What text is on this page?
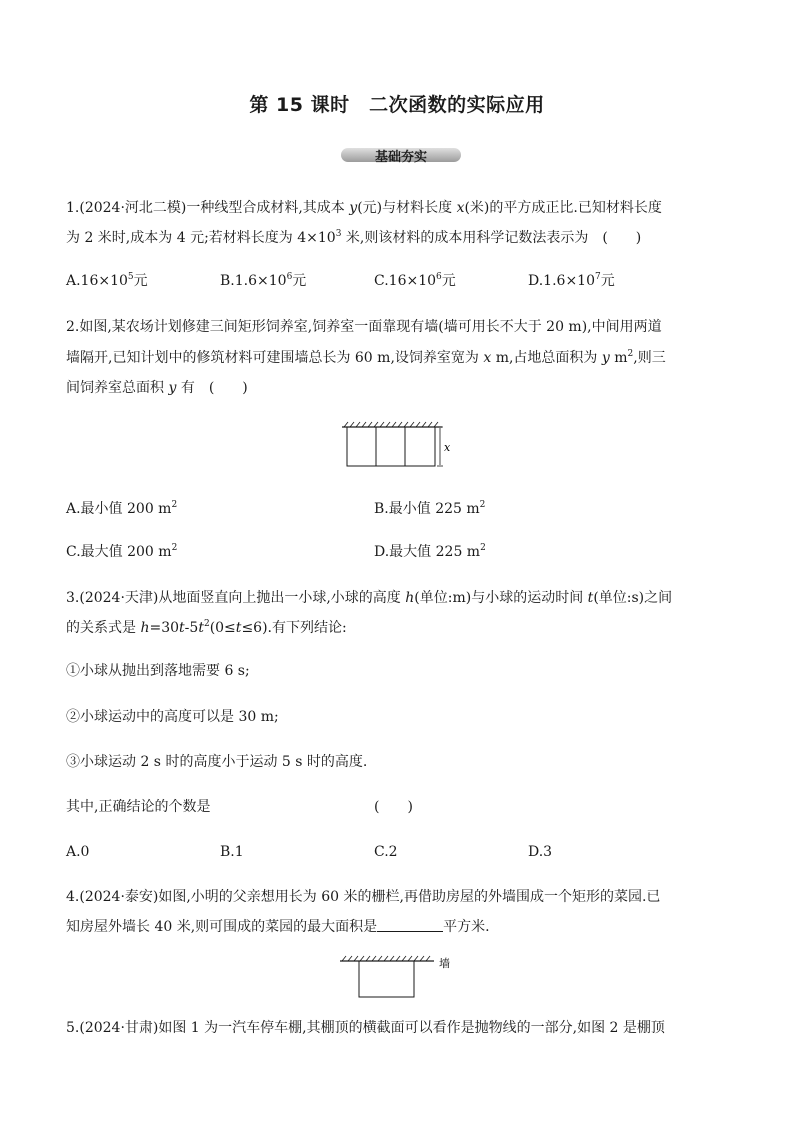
第 15 课时　二次函数的实际应用
基础夯实
1.(2024·河北二模)一种线型合成材料,其成本 y(元)与材料长度 x(米)的平方成正比.已知材料长度
为 2 米时,成本为 4 元;若材料长度为 $4\times 10^3$ 米,则该材料的成本用科学记数法表示为　(　　)
$A.16\times 10^5$元	$B.1.6\times 10^6$元	$C.16\times 10^6$元	$D.1.6\times 10^7$元
2.如图,某农场计划修建三间矩形饲养室,饲养室一面靠现有墙(墙可用长不大于 20 m),中间用两道
墙隔开,已知计划中的修筑材料可建围墙总长为 60 m,设饲养室宽为 x m,占地总面积为 y $m^2$,则三
间饲养室总面积 y 有　(　　)
x
A.最小值 200 $m^2$	B.最小值 225 $m^2$
C.最大值 200 $m^2$	D.最大值 225 $m^2$
3.(2024·天津)从地面竖直向上抛出一小球,小球的高度 h(单位:m)与小球的运动时间 t(单位:s)之间
的关系式是 $h=30t-5t^2(0\le t\le 6)$.有下列结论:
①小球从抛出到落地需要 6 s;
②小球运动中的高度可以是 30 m;
③小球运动 2 s 时的高度小于运动 5 s 时的高度.
其中,正确结论的个数是	(　　)
A.0	B.1	C.2	D.3
4.(2024·泰安)如图,小明的父亲想用长为 60 米的栅栏,再借助房屋的外墙围成一个矩形的菜园.已
知房屋外墙长 40 米,则可围成的菜园的最大面积是	平方米.
墙
5.(2024·甘肃)如图 1 为一汽车停车棚,其棚顶的横截面可以看作是抛物线的一部分,如图 2 是棚顶
